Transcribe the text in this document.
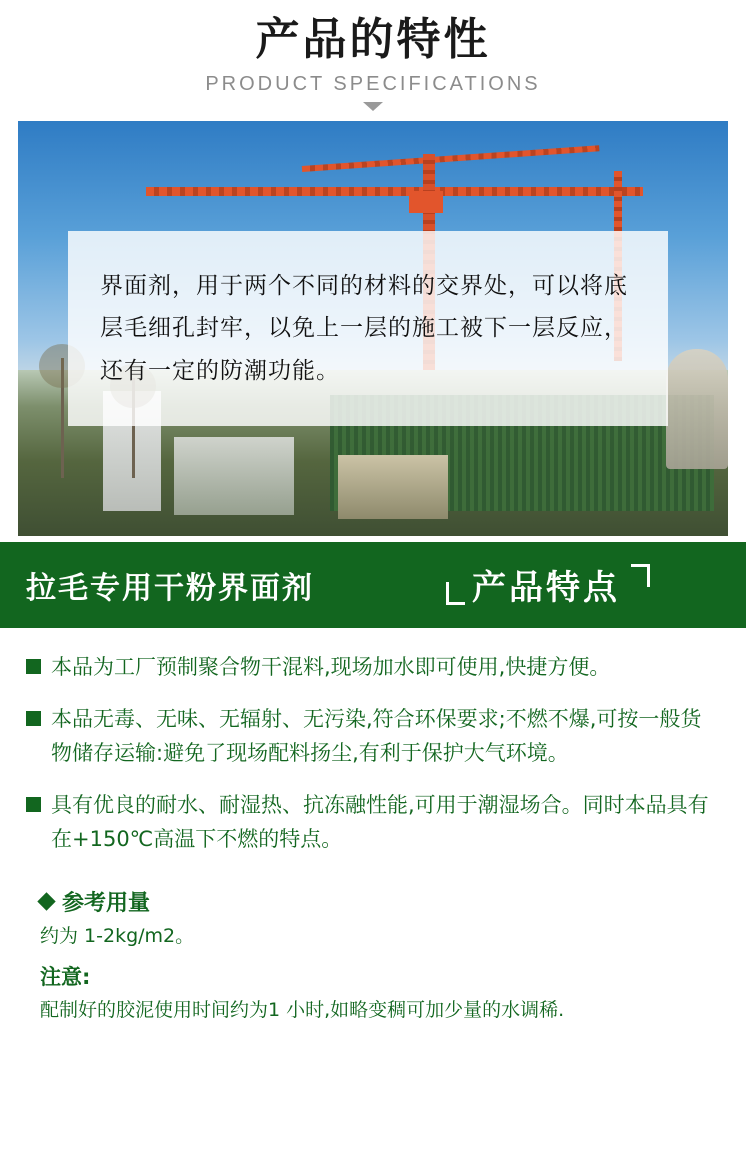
产品的特性
PRODUCT SPECIFICATIONS
界面剂，用于两个不同的材料的交界处，可以将底层毛细孔封牢，以免上一层的施工被下一层反应，还有一定的防潮功能。
拉毛专用干粉界面剂	产品特点
本品为工厂预制聚合物干混料,现场加水即可使用,快捷方便。
本品无毒、无味、无辐射、无污染,符合环保要求;不燃不爆,可按一般货物储存运输:避免了现场配料扬尘,有利于保护大气环境。
具有优良的耐水、耐湿热、抗冻融性能,可用于潮湿场合。同时本品具有在+150℃高温下不燃的特点。
参考用量
约为 1-2kg/m2。
注意:
配制好的胶泥使用时间约为1 小时,如略变稠可加少量的水调稀.
